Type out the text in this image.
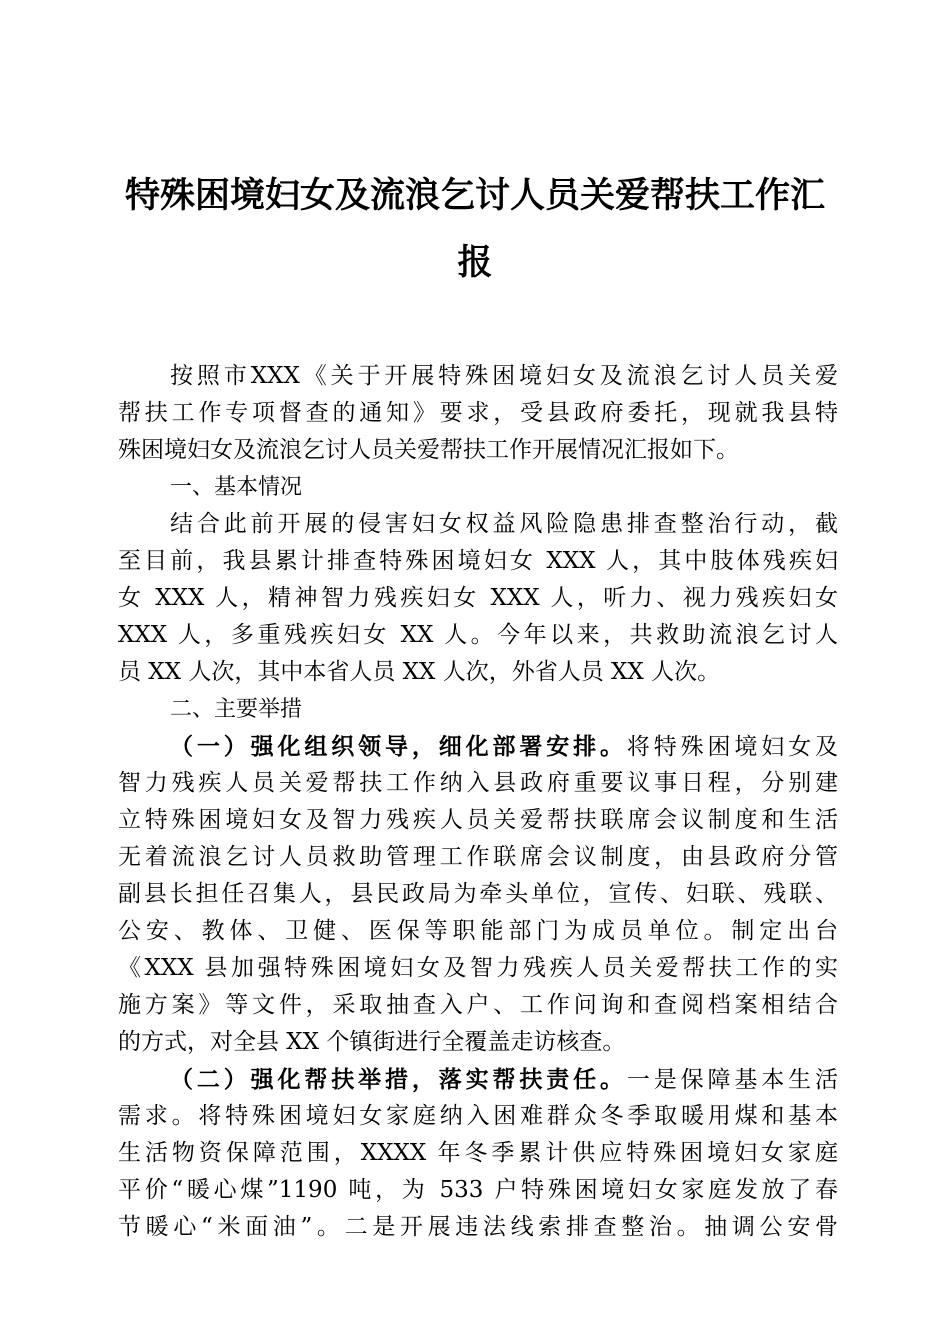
特殊困境妇女及流浪乞讨人员关爱帮扶工作汇
报
按照市XXX《关于开展特殊困境妇女及流浪乞讨人员关爱
帮扶工作专项督查的通知》要求，受县政府委托，现就我县特
殊困境妇女及流浪乞讨人员关爱帮扶工作开展情况汇报如下。
一、基本情况
结合此前开展的侵害妇女权益风险隐患排查整治行动，截
至目前，我县累计排查特殊困境妇女 XXX 人，其中肢体残疾妇
女 XXX 人，精神智力残疾妇女 XXX 人，听力、视力残疾妇女
XXX 人，多重残疾妇女 XX 人。今年以来，共救助流浪乞讨人
员 XX 人次，其中本省人员 XX 人次，外省人员 XX 人次。
二、主要举措
（一）强化组织领导，细化部署安排。将特殊困境妇女及
智力残疾人员关爱帮扶工作纳入县政府重要议事日程，分别建
立特殊困境妇女及智力残疾人员关爱帮扶联席会议制度和生活
无着流浪乞讨人员救助管理工作联席会议制度，由县政府分管
副县长担任召集人，县民政局为牵头单位，宣传、妇联、残联、
公安、教体、卫健、医保等职能部门为成员单位。制定出台
《XXX 县加强特殊困境妇女及智力残疾人员关爱帮扶工作的实
施方案》等文件，采取抽查入户、工作问询和查阅档案相结合
的方式，对全县 XX 个镇街进行全覆盖走访核查。
（二）强化帮扶举措，落实帮扶责任。一是保障基本生活
需求。将特殊困境妇女家庭纳入困难群众冬季取暖用煤和基本
生活物资保障范围，XXXX 年冬季累计供应特殊困境妇女家庭
平价“暖心煤”1190 吨，为 533 户特殊困境妇女家庭发放了春
节暖心“米面油”。二是开展违法线索排查整治。抽调公安骨
